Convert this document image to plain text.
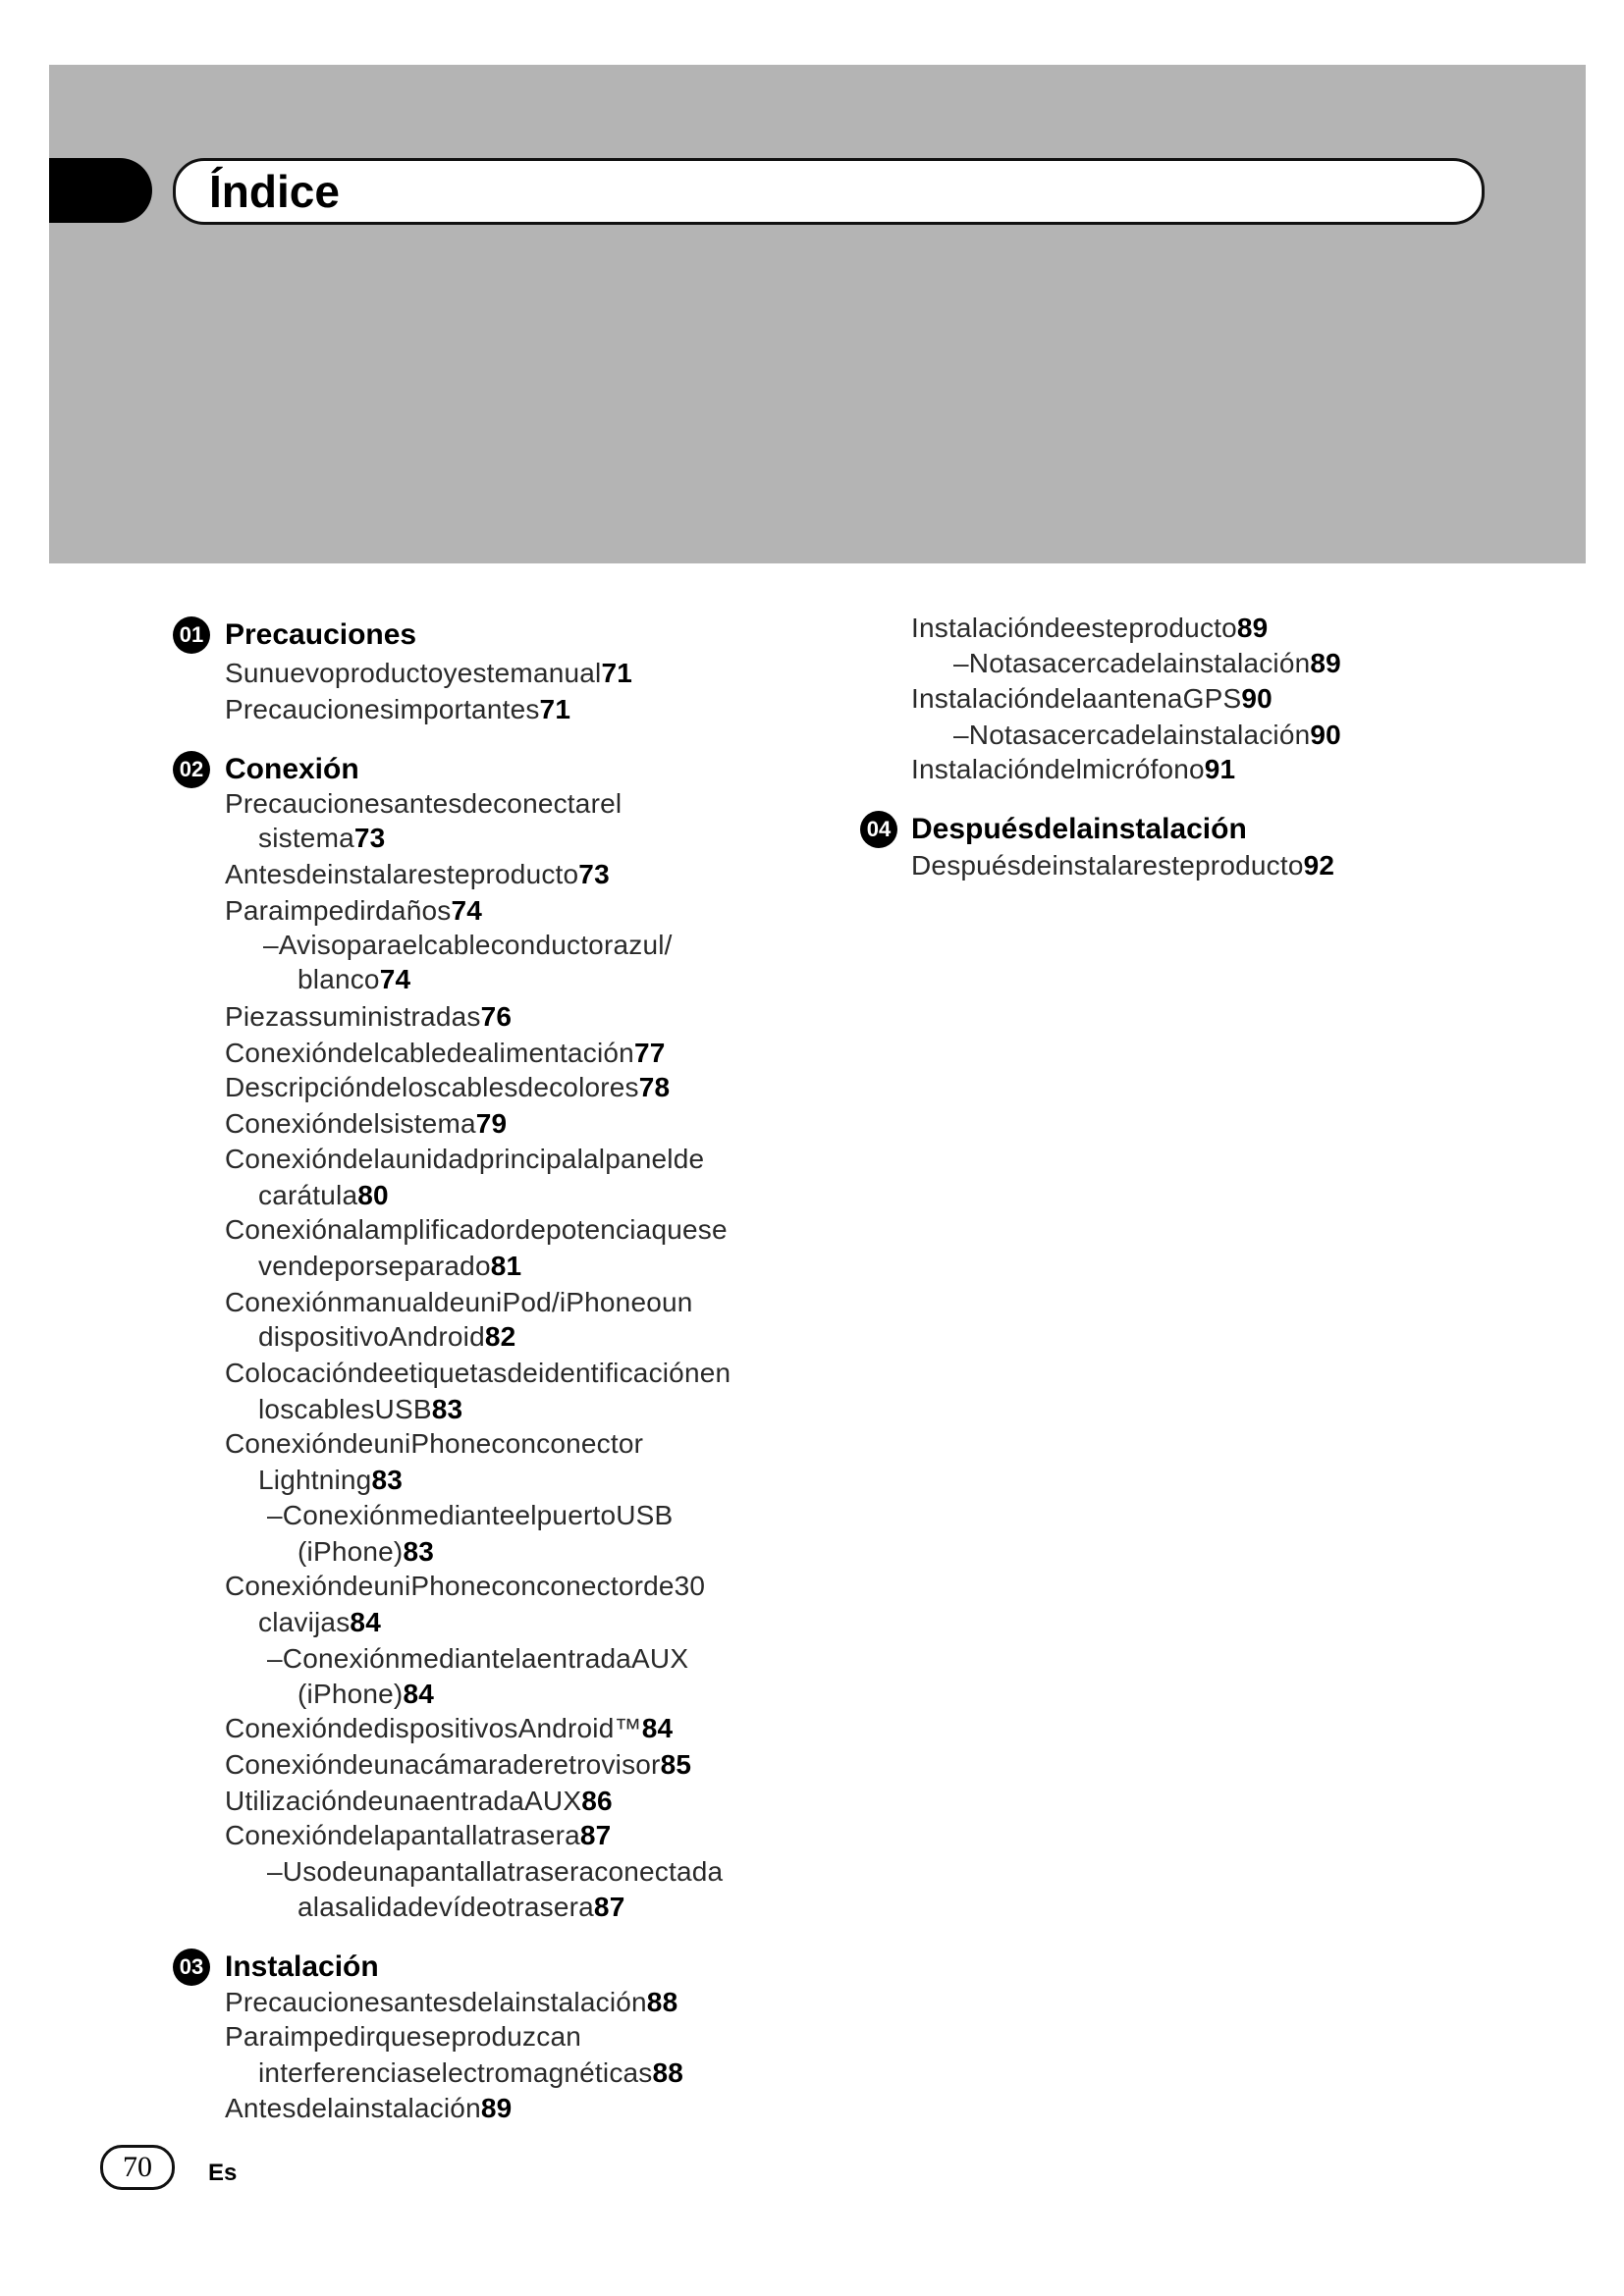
Índice
01 Precauciones
Sunuevoproductoyestemanual71
Precaucionesimportantes71
02 Conexión
Precaucionesantesdeconectarel
sistema73
Antesdeinstalaresteproducto73
Paraimpedirdaños74
–Avisoparaelcableconductorazul/
blanco74
Piezassuministradas76
Conexióndelcabledealimentación77
Descripcióndeloscablesdecolores78
Conexióndelsistema79
Conexióndelaunidadprincipalalpanelde
carátula80
Conexiónalamplificadordepotenciaquese
vendeporseparado81
ConexiónmanualdeuniPod/iPhoneoun
dispositivoAndroid82
Colocacióndeetiquetasdeidentificaciónen
loscablesUSB83
ConexióndeuniPhoneconconector
Lightning83
–ConexiónmedianteelpuertoUSB
(iPhone)83
ConexióndeuniPhoneconconectorde30
clavijas84
–ConexiónmediantelaentradaAUX
(iPhone)84
ConexióndedispositivosAndroid™84
Conexióndeunacámaraderetrovisor85
UtilizacióndeunaentradaAUX86
Conexióndelapantallatrasera87
–Usodeunapantallatraseraconectada
alasalidadevídeotrasera87
03 Instalación
Precaucionesantesdelainstalación88
Paraimpedirqueseproduzcan
interferenciaselectromagnéticas88
Antesdelainstalación89
Instalacióndeesteproducto89
–Notasacercadelainstalación89
InstalacióndelaantenaGPS90
–Notasacercadelainstalación90
Instalacióndelmicrófono91
04 Despuésdelainstalación
Despuésdeinstalaresteproducto92
70	Es
